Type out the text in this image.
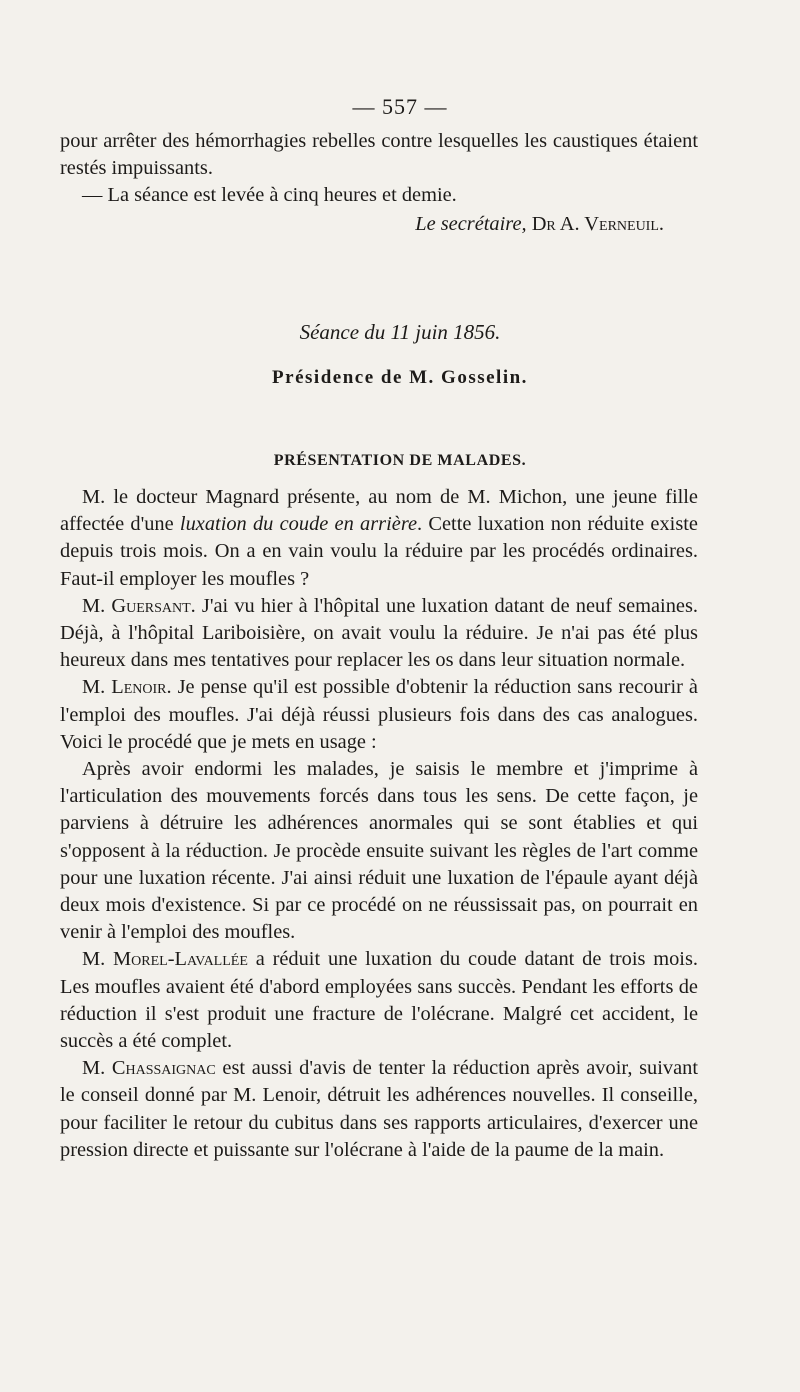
— 557 —

pour arrêter des hémorrhagies rebelles contre lesquelles les caustiques étaient restés impuissants.

— La séance est levée à cinq heures et demie.

Le secrétaire, Dr A. Verneuil.

Séance du 11 juin 1856.
Présidence de M. Gosselin.
PRÉSENTATION DE MALADES.

M. le docteur Magnard présente, au nom de M. Michon, une jeune fille affectée d'une luxation du coude en arrière. Cette luxation non réduite existe depuis trois mois. On a en vain voulu la réduire par les procédés ordinaires. Faut-il employer les moufles ?

M. Guersant. J'ai vu hier à l'hôpital une luxation datant de neuf semaines. Déjà, à l'hôpital Lariboisière, on avait voulu la réduire. Je n'ai pas été plus heureux dans mes tentatives pour replacer les os dans leur situation normale.

M. Lenoir. Je pense qu'il est possible d'obtenir la réduction sans recourir à l'emploi des moufles. J'ai déjà réussi plusieurs fois dans des cas analogues. Voici le procédé que je mets en usage :

Après avoir endormi les malades, je saisis le membre et j'imprime à l'articulation des mouvements forcés dans tous les sens. De cette façon, je parviens à détruire les adhérences anormales qui se sont établies et qui s'opposent à la réduction. Je procède ensuite suivant les règles de l'art comme pour une luxation récente. J'ai ainsi réduit une luxation de l'épaule ayant déjà deux mois d'existence. Si par ce procédé on ne réussissait pas, on pourrait en venir à l'emploi des moufles.

M. Morel-Lavallée a réduit une luxation du coude datant de trois mois. Les moufles avaient été d'abord employées sans succès. Pendant les efforts de réduction il s'est produit une fracture de l'olécrane. Malgré cet accident, le succès a été complet.

M. Chassaignac est aussi d'avis de tenter la réduction après avoir, suivant le conseil donné par M. Lenoir, détruit les adhérences nouvelles. Il conseille, pour faciliter le retour du cubitus dans ses rapports articulaires, d'exercer une pression directe et puissante sur l'olécrane à l'aide de la paume de la main.
